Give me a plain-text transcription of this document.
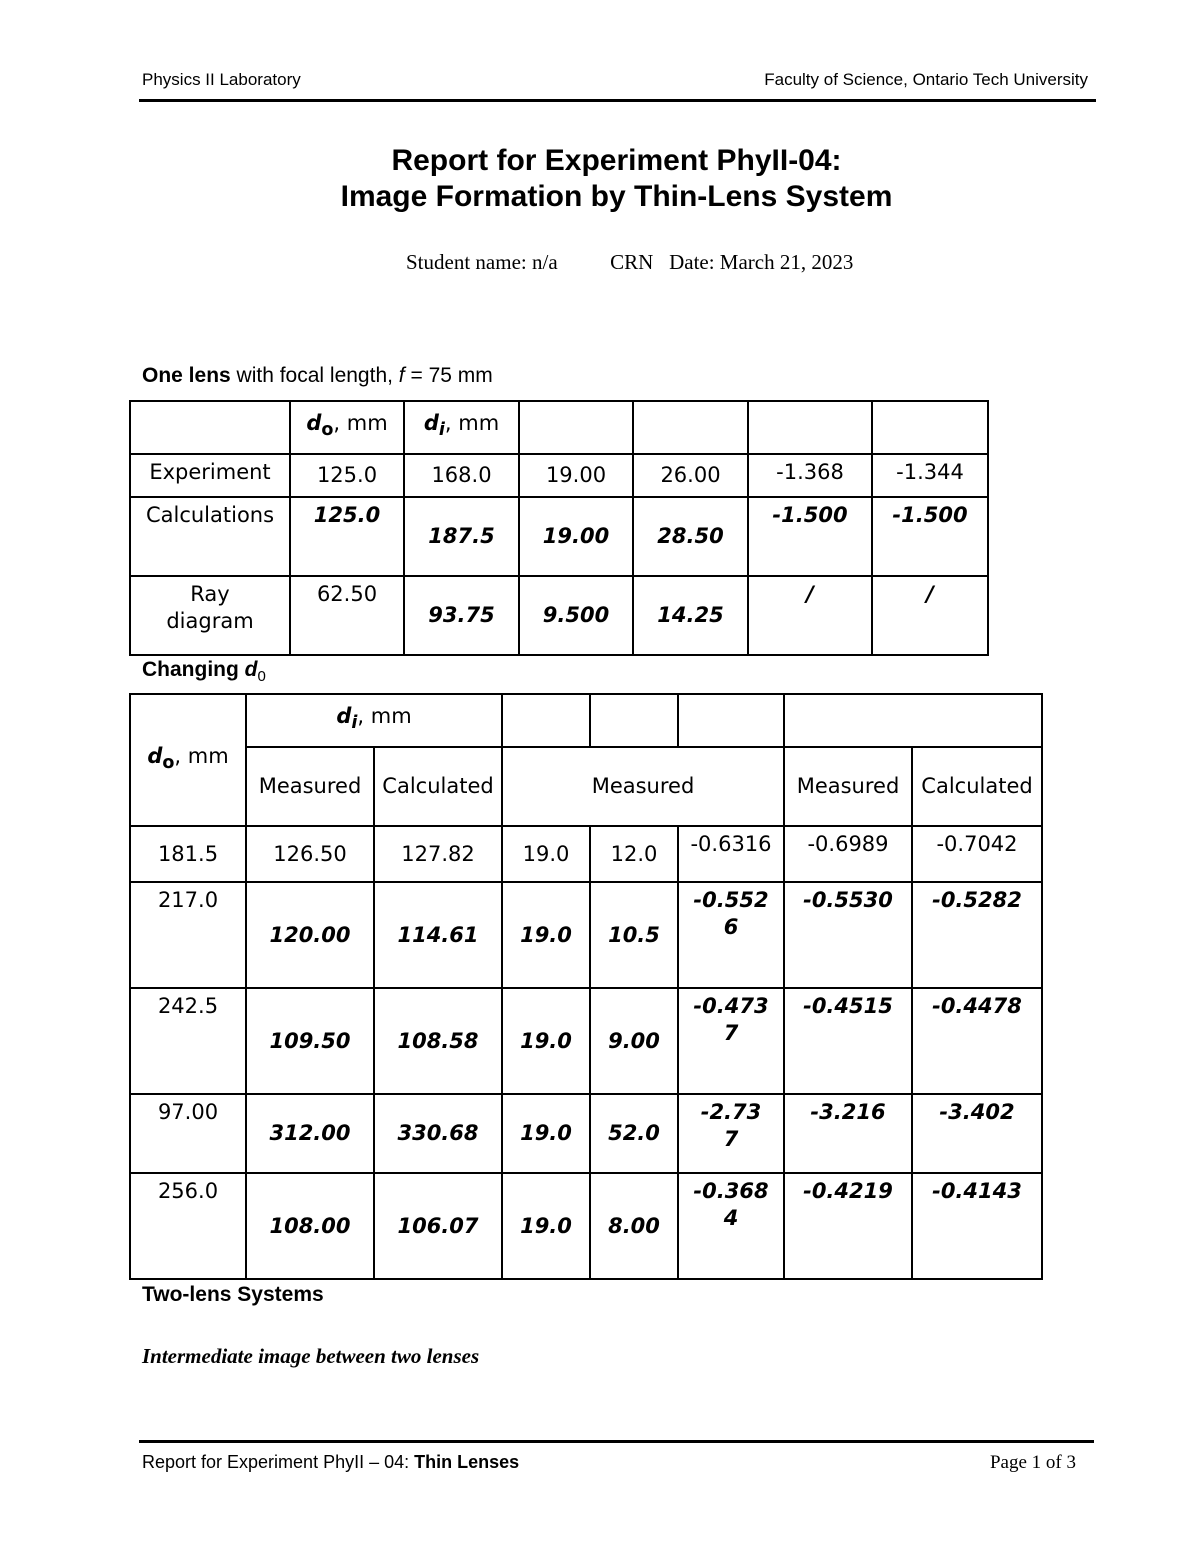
Physics II Laboratory	Faculty of Science, Ontario Tech University
Report for Experiment PhyII-04:
Image Formation by Thin-Lens System
Student name: n/a	CRN Date: March 21, 2023
One lens with focal length, f = 75 mm
	$d_o$, mm	$d_i$, mm				
Experiment	125.0	168.0	19.00	26.00	-1.368	-1.344
Calculations	125.0	187.5	19.00	28.50	-1.500	-1.500
Ray diagram	62.50	93.75	9.500	14.25	/	/
Changing $d_0$
$d_o$, mm	$d_i$, mm						
	Measured	Calculated	Measured			Measured	Calculated
181.5	126.50	127.82	19.0	12.0	-0.6316	-0.6989	-0.7042
217.0	120.00	114.61	19.0	10.5	-0.5526	-0.5530	-0.5282
242.5	109.50	108.58	19.0	9.00	-0.4737	-0.4515	-0.4478
97.00	312.00	330.68	19.0	52.0	-2.737	-3.216	-3.402
256.0	108.00	106.07	19.0	8.00	-0.3684	-0.4219	-0.4143
Two-lens Systems
Intermediate image between two lenses
Report for Experiment PhyII – 04: Thin Lenses	Page 1 of 3
